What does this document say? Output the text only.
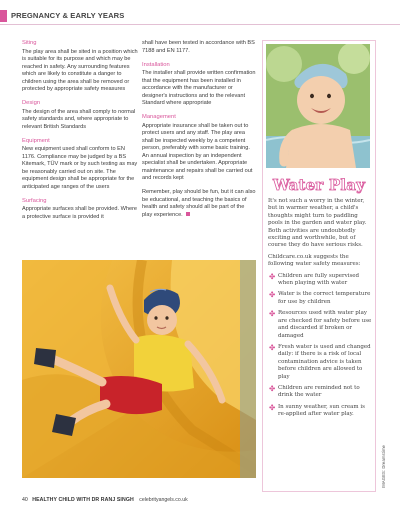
PREGNANCY & EARLY YEARS
Siting

The play area shall be sited in a position which is suitable for its purpose and which may be reached in safety. Any surrounding features which are likely to constitute a danger to children using the area shall be removed or protected by appropriate safety measures

Design

The design of the area shall comply to normal safety standards and, where appropriate to relevant British Standards

Equipment

New equipment used shall conform to EN 1176. Compliance may be judged by a BS Kitemark, TÜV mark or by such testing as may be reasonably carried out on site. The equipment design shall be appropriate for the anticipated age ranges of the users

Surfacing

Appropriate surfaces shall be provided. Where a protective surface is provided it

shall have been tested in accordance with BS 7188 and EN 1177.

Installation

The installer shall provide written confirmation that the equipment has been installed in accordance with the manufacturer or designer's instructions and to the relevant Standard where appropriate

Management

Appropriate insurance shall be taken out to protect users and any staff. The play area shall be inspected weekly by a competent person, preferably with some basic training. An annual inspection by an independent specialist shall be undertaken. Appropriate maintenance and repairs shall be carried out and records kept

Remember, play should be fun, but it can also be educational, and teaching the basics of health and safety should all be part of the play experience.

Water Play

It's not such a worry in the winter, but in warmer weather, a child's thoughts might turn to paddling pools in the garden and water play. Both activities are undoubtedly exciting and worthwhile, but of course they do have serious risks.

Childcare.co.uk suggests the following water safety measures:

✤ Children are fully supervised when playing with water
✤ Water is the correct temperature for use by children
✤ Resources used with water play are checked for safety before use and discarded if broken or damaged
✤ Fresh water is used and changed daily: if there is a risk of local contamination advice is taken before children are allowed to play
✤ Children are reminded not to drink the water
✤ In sunny weather, sun cream is re-applied after water play.
IMAGES: Dreamstime
40 HEALTHY CHILD WITH DR RANJ SINGH celebrityangels.co.uk
